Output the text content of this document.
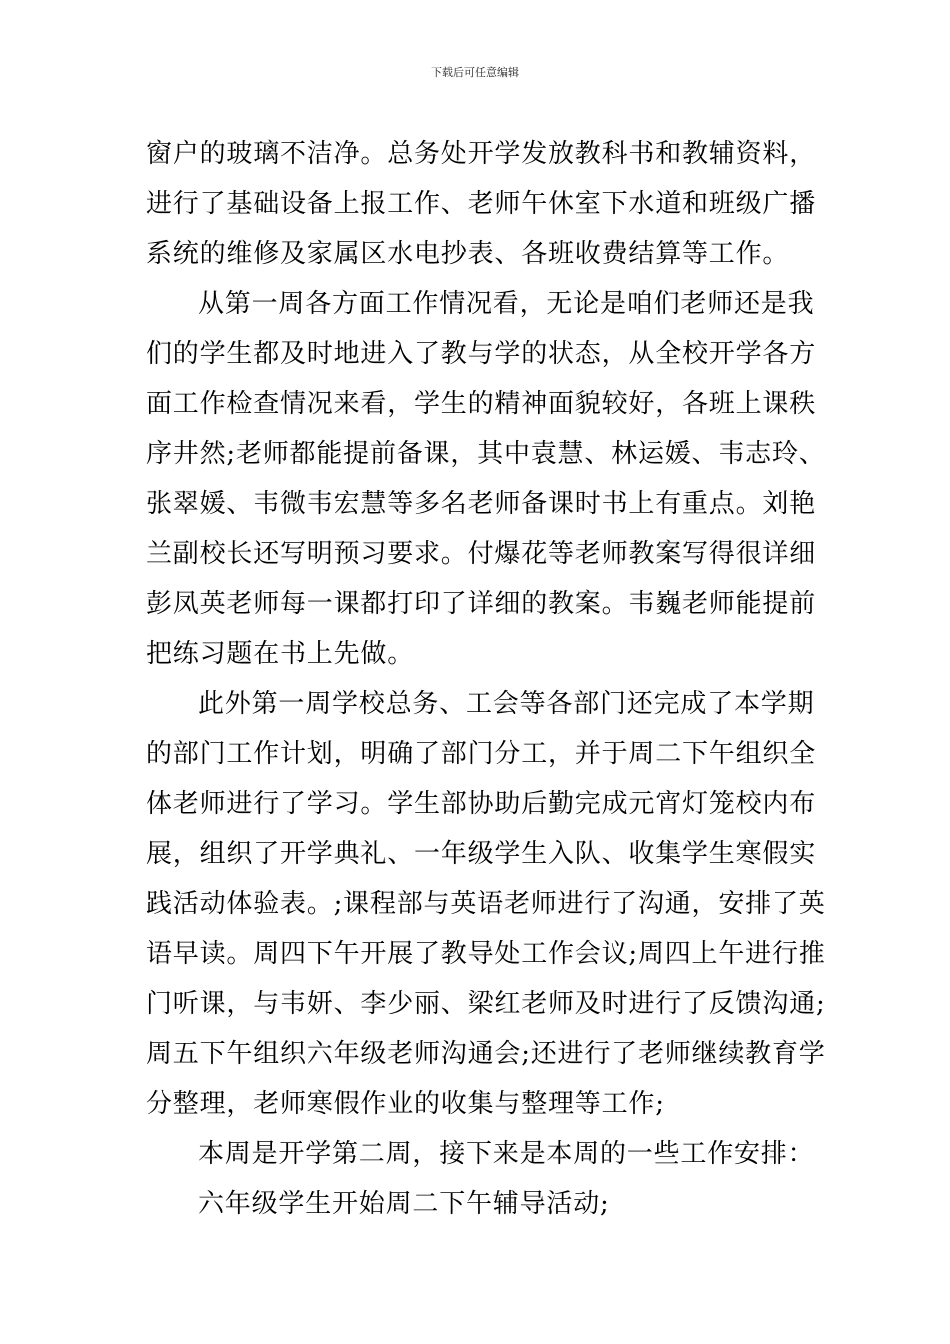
下载后可任意编辑
窗户的玻璃不洁净。总务处开学发放教科书和教辅资料，
进行了基础设备上报工作、老师午休室下水道和班级广播
系统的维修及家属区水电抄表、各班收费结算等工作。
从第一周各方面工作情况看，无论是咱们老师还是我
们的学生都及时地进入了教与学的状态，从全校开学各方
面工作检查情况来看，学生的精神面貌较好，各班上课秩
序井然;老师都能提前备课，其中袁慧、林运媛、韦志玲、
张翠媛、韦微韦宏慧等多名老师备课时书上有重点。刘艳
兰副校长还写明预习要求。付爆花等老师教案写得很详细
彭凤英老师每一课都打印了详细的教案。韦巍老师能提前
把练习题在书上先做。
此外第一周学校总务、工会等各部门还完成了本学期
的部门工作计划，明确了部门分工，并于周二下午组织全
体老师进行了学习。学生部协助后勤完成元宵灯笼校内布
展，组织了开学典礼、一年级学生入队、收集学生寒假实
践活动体验表。;课程部与英语老师进行了沟通，安排了英
语早读。周四下午开展了教导处工作会议;周四上午进行推
门听课，与韦妍、李少丽、梁红老师及时进行了反馈沟通;
周五下午组织六年级老师沟通会;还进行了老师继续教育学
分整理，老师寒假作业的收集与整理等工作;
本周是开学第二周，接下来是本周的一些工作安排：
六年级学生开始周二下午辅导活动;
